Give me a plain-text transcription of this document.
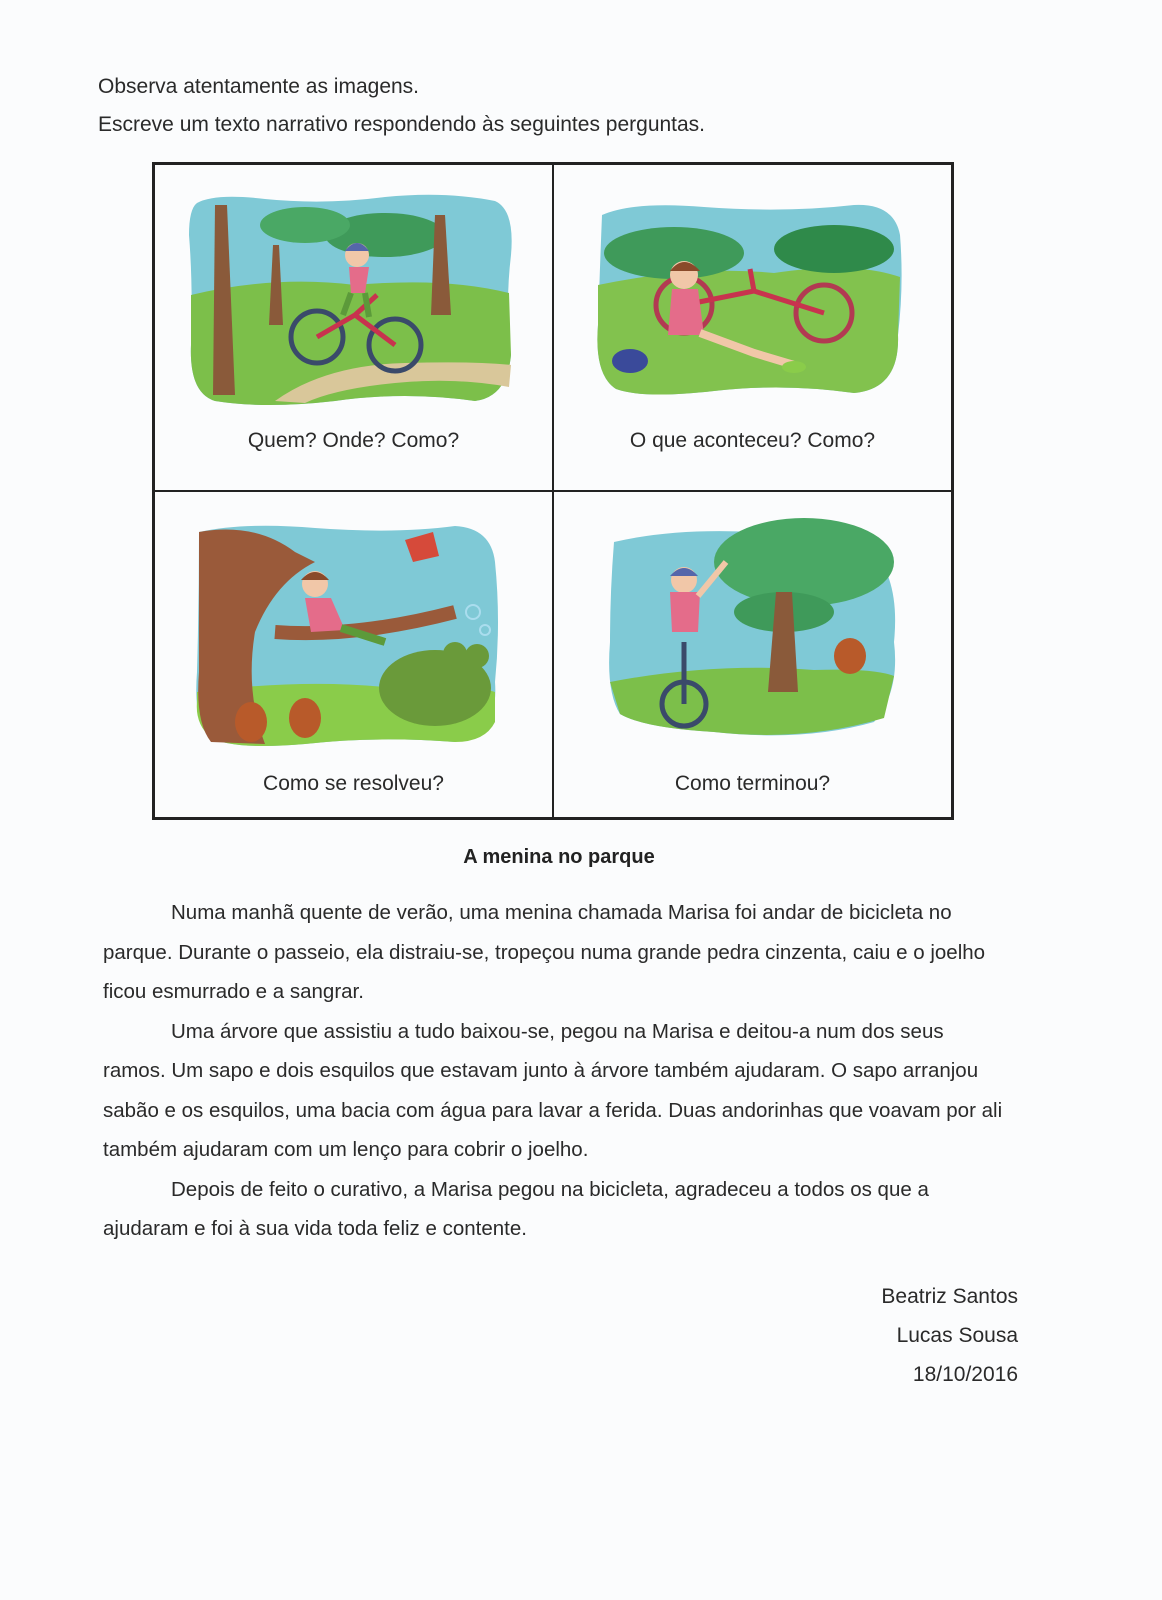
Observa atentamente as imagens.
Escreve um texto narrativo respondendo às seguintes perguntas.
Quem? Onde? Como?	O que aconteceu? Como?
Como se resolveu?	Como terminou?
A menina no parque

Numa manhã quente de verão, uma menina chamada Marisa foi andar de bicicleta no parque. Durante o passeio, ela distraiu-se, tropeçou numa grande pedra cinzenta, caiu e o joelho ficou esmurrado e a sangrar.

Uma árvore que assistiu a tudo baixou-se, pegou na Marisa e deitou-a num dos seus ramos. Um sapo e dois esquilos que estavam junto à árvore também ajudaram. O sapo arranjou sabão e os esquilos, uma bacia com água para lavar a ferida. Duas andorinhas que voavam por ali também ajudaram com um lenço para cobrir o joelho.

Depois de feito o curativo, a Marisa pegou na bicicleta, agradeceu a todos os que a ajudaram e foi à sua vida toda feliz e contente.

Beatriz Santos
Lucas Sousa
18/10/2016
